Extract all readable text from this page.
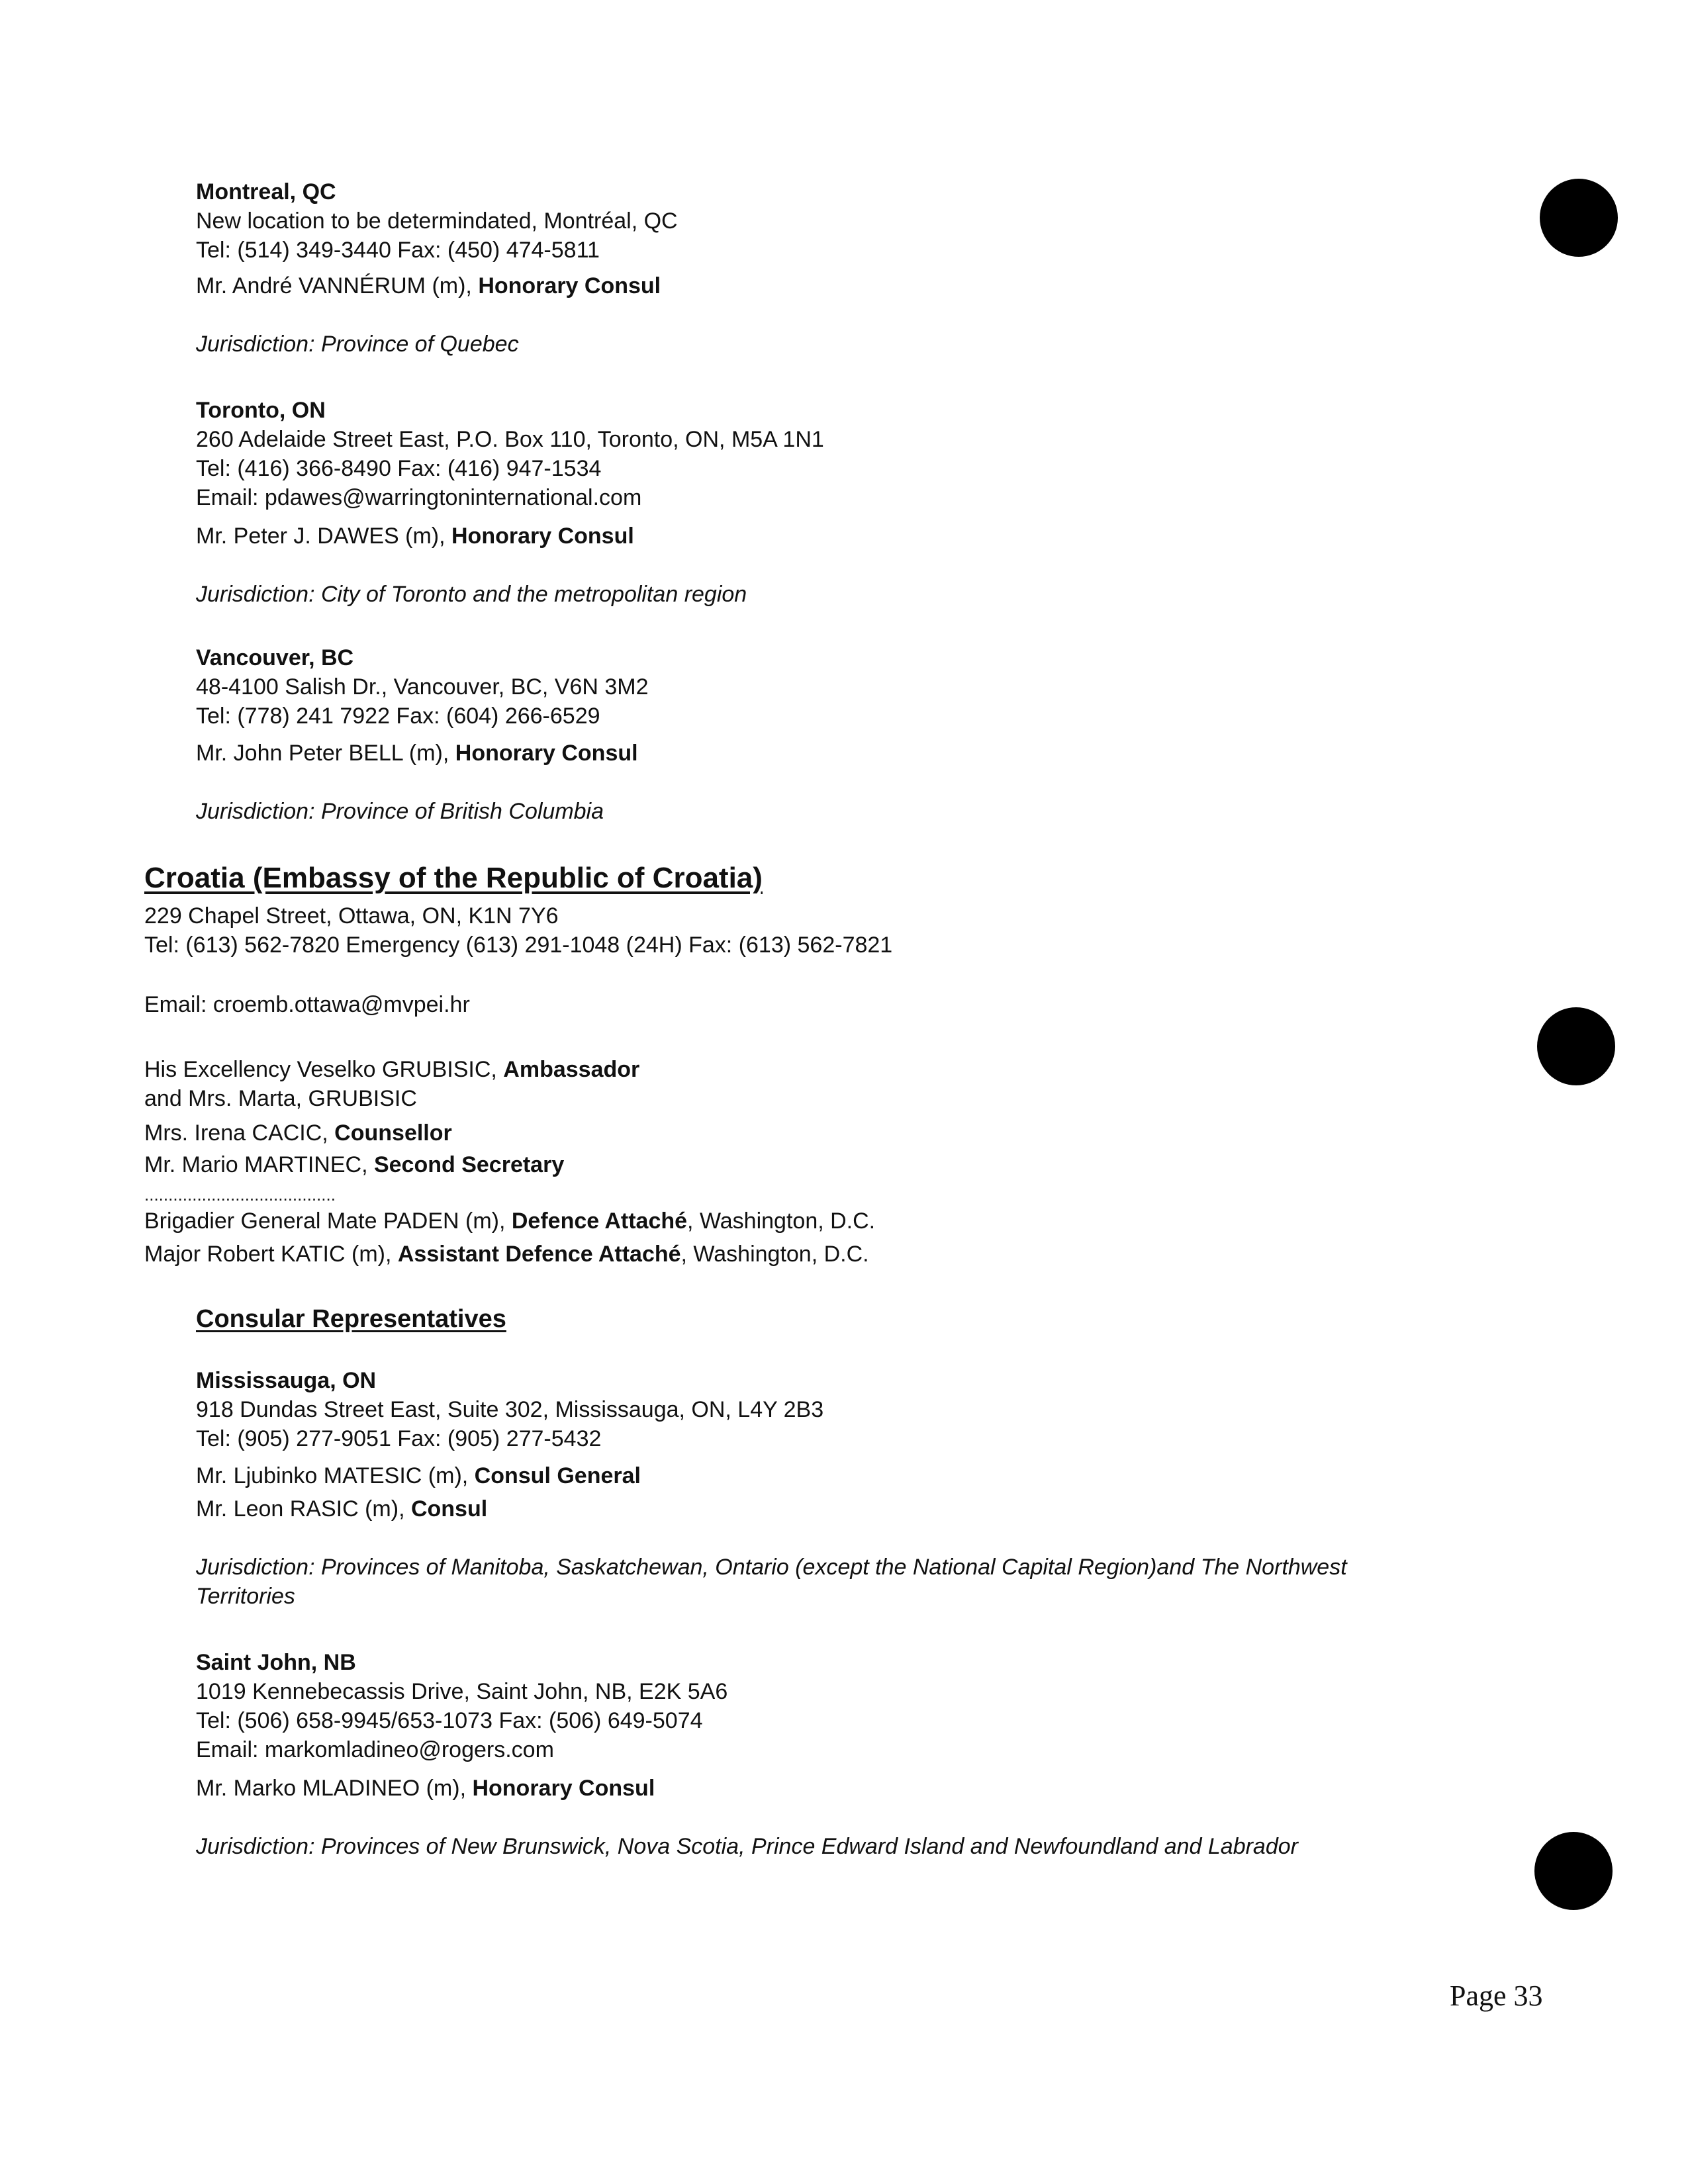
Montreal, QC
New location to be determindated, Montréal, QC
Tel: (514) 349-3440 Fax: (450) 474-5811
Mr. André VANNÉRUM (m), Honorary Consul
Jurisdiction: Province of Quebec
Toronto, ON
260 Adelaide Street East, P.O. Box 110, Toronto, ON, M5A 1N1
Tel: (416) 366-8490 Fax: (416) 947-1534
Email: pdawes@warringtoninternational.com
Mr. Peter J. DAWES (m), Honorary Consul
Jurisdiction: City of Toronto and the metropolitan region
Vancouver, BC
48-4100 Salish Dr., Vancouver, BC, V6N 3M2
Tel: (778) 241 7922 Fax: (604) 266-6529
Mr. John Peter BELL (m), Honorary Consul
Jurisdiction: Province of British Columbia
Croatia (Embassy of the Republic of Croatia)
229 Chapel Street, Ottawa, ON, K1N 7Y6
Tel: (613) 562-7820 Emergency (613) 291-1048 (24H) Fax: (613) 562-7821
Email: croemb.ottawa@mvpei.hr
His Excellency Veselko GRUBISIC, Ambassador
and Mrs. Marta, GRUBISIC
Mrs. Irena CACIC, Counsellor
Mr. Mario MARTINEC, Second Secretary
........................................
Brigadier General Mate PADEN (m), Defence Attaché, Washington, D.C.
Major Robert KATIC (m), Assistant Defence Attaché, Washington, D.C.
Consular Representatives
Mississauga, ON
918 Dundas Street East, Suite 302, Mississauga, ON, L4Y 2B3
Tel: (905) 277-9051 Fax: (905) 277-5432
Mr. Ljubinko MATESIC (m), Consul General
Mr. Leon RASIC (m), Consul
Jurisdiction: Provinces of Manitoba, Saskatchewan, Ontario (except the National Capital Region)and The Northwest
Territories
Saint John, NB
1019 Kennebecassis Drive, Saint John, NB, E2K 5A6
Tel: (506) 658-9945/653-1073 Fax: (506) 649-5074
Email: markomladineo@rogers.com
Mr. Marko MLADINEO (m), Honorary Consul
Jurisdiction: Provinces of New Brunswick, Nova Scotia, Prince Edward Island and Newfoundland and Labrador
Page 33
